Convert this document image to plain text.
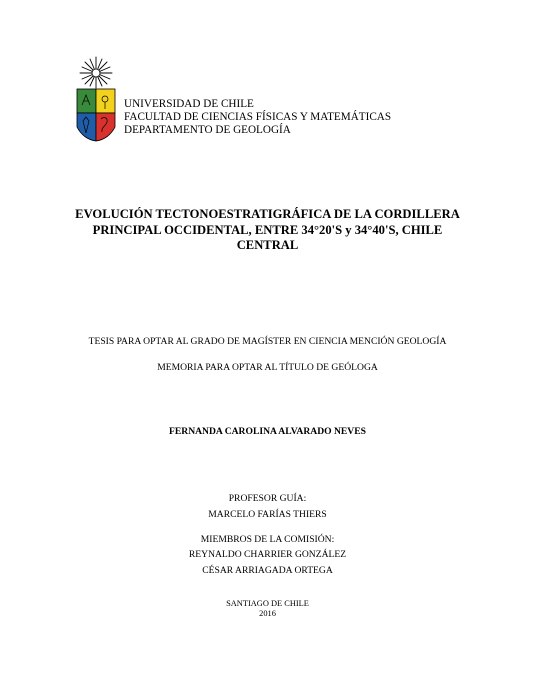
UNIVERSIDAD DE CHILE
FACULTAD DE CIENCIAS FÍSICAS Y MATEMÁTICAS
DEPARTAMENTO DE GEOLOGÍA
EVOLUCIÓN TECTONOESTRATIGRÁFICA DE LA CORDILLERA
PRINCIPAL OCCIDENTAL, ENTRE 34°20'S y 34°40'S, CHILE
CENTRAL
TESIS PARA OPTAR AL GRADO DE MAGÍSTER EN CIENCIA MENCIÓN GEOLOGÍA
MEMORIA PARA OPTAR AL TÍTULO DE GEÓLOGA
FERNANDA CAROLINA ALVARADO NEVES
PROFESOR GUÍA:
MARCELO FARÍAS THIERS
MIEMBROS DE LA COMISIÓN:
REYNALDO CHARRIER GONZÁLEZ
CÉSAR ARRIAGADA ORTEGA
SANTIAGO DE CHILE
2016
